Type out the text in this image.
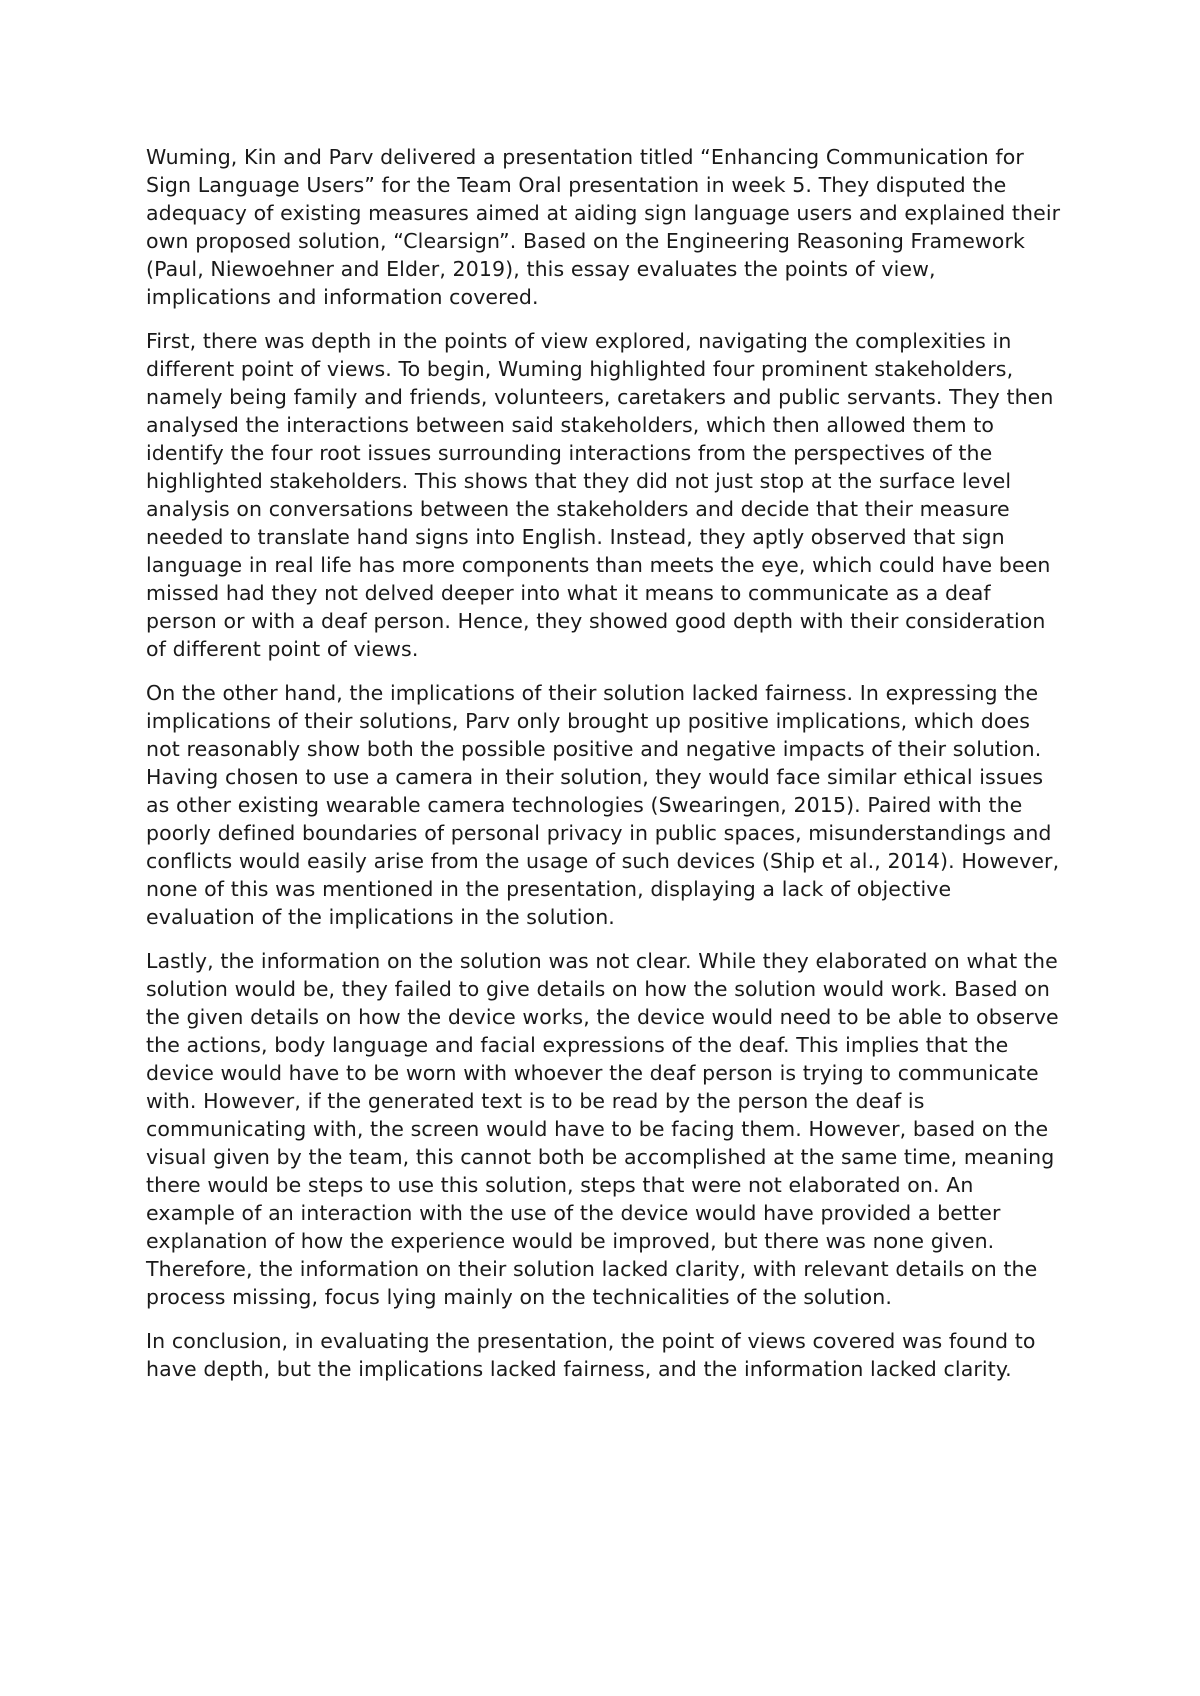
Wuming, Kin and Parv delivered a presentation titled “Enhancing Communication for Sign Language Users” for the Team Oral presentation in week 5. They disputed the adequacy of existing measures aimed at aiding sign language users and explained their own proposed solution, “Clearsign”. Based on the Engineering Reasoning Framework (Paul, Niewoehner and Elder, 2019), this essay evaluates the points of view, implications and information covered.

First, there was depth in the points of view explored, navigating the complexities in different point of views. To begin, Wuming highlighted four prominent stakeholders, namely being family and friends, volunteers, caretakers and public servants. They then analysed the interactions between said stakeholders, which then allowed them to identify the four root issues surrounding interactions from the perspectives of the highlighted stakeholders. This shows that they did not just stop at the surface level analysis on conversations between the stakeholders and decide that their measure needed to translate hand signs into English. Instead, they aptly observed that sign language in real life has more components than meets the eye, which could have been missed had they not delved deeper into what it means to communicate as a deaf person or with a deaf person. Hence, they showed good depth with their consideration of different point of views.

On the other hand, the implications of their solution lacked fairness. In expressing the implications of their solutions, Parv only brought up positive implications, which does not reasonably show both the possible positive and negative impacts of their solution. Having chosen to use a camera in their solution, they would face similar ethical issues as other existing wearable camera technologies (Swearingen, 2015). Paired with the poorly defined boundaries of personal privacy in public spaces, misunderstandings and conflicts would easily arise from the usage of such devices (Ship et al., 2014). However, none of this was mentioned in the presentation, displaying a lack of objective evaluation of the implications in the solution.

Lastly, the information on the solution was not clear. While they elaborated on what the solution would be, they failed to give details on how the solution would work. Based on the given details on how the device works, the device would need to be able to observe the actions, body language and facial expressions of the deaf. This implies that the device would have to be worn with whoever the deaf person is trying to communicate with. However, if the generated text is to be read by the person the deaf is communicating with, the screen would have to be facing them. However, based on the visual given by the team, this cannot both be accomplished at the same time, meaning there would be steps to use this solution, steps that were not elaborated on. An example of an interaction with the use of the device would have provided a better explanation of how the experience would be improved, but there was none given. Therefore, the information on their solution lacked clarity, with relevant details on the process missing, focus lying mainly on the technicalities of the solution.

In conclusion, in evaluating the presentation, the point of views covered was found to have depth, but the implications lacked fairness, and the information lacked clarity.
